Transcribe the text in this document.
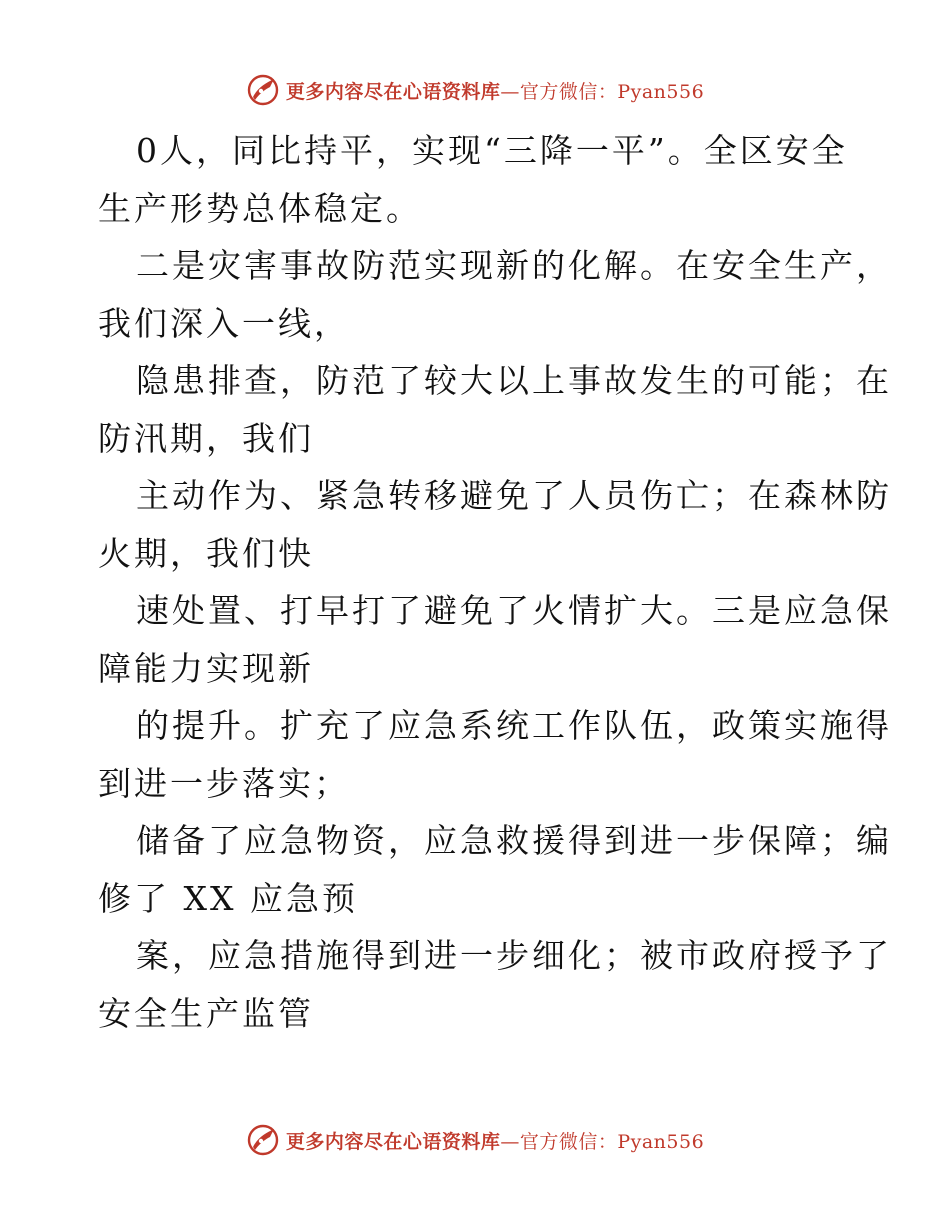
更多内容尽在心语资料库—官方微信：Pyan556
0人，同比持平，实现“三降一平”。全区安全
生产形势总体稳定。
二是灾害事故防范实现新的化解。在安全生产，
我们深入一线，
隐患排查，防范了较大以上事故发生的可能；在
防汛期，我们
主动作为、紧急转移避免了人员伤亡；在森林防
火期，我们快
速处置、打早打了避免了火情扩大。三是应急保
障能力实现新
的提升。扩充了应急系统工作队伍，政策实施得
到进一步落实；
储备了应急物资，应急救援得到进一步保障；编
修了 XX 应急预
案，应急措施得到进一步细化；被市政府授予了
安全生产监管
更多内容尽在心语资料库—官方微信：Pyan556
